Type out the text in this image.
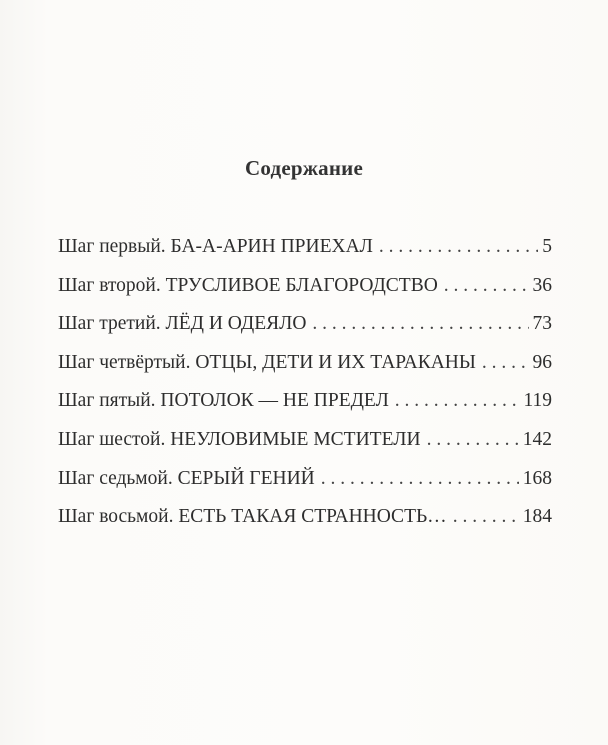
Содержание
Шаг первый. БА-А-АРИН ПРИЕХАЛ . . .	5
Шаг второй. ТРУСЛИВОЕ БЛАГОРОДСТВО . . .	36
Шаг третий. ЛЁД И ОДЕЯЛО . . .	73
Шаг четвёртый. ОТЦЫ, ДЕТИ И ИХ ТАРАКАНЫ . . .	96
Шаг пятый. ПОТОЛОК — НЕ ПРЕДЕЛ . . .	119
Шаг шестой. НЕУЛОВИМЫЕ МСТИТЕЛИ . . .	142
Шаг седьмой. СЕРЫЙ ГЕНИЙ . . .	168
Шаг восьмой. ЕСТЬ ТАКАЯ СТРАННОСТЬ… . . .	184
